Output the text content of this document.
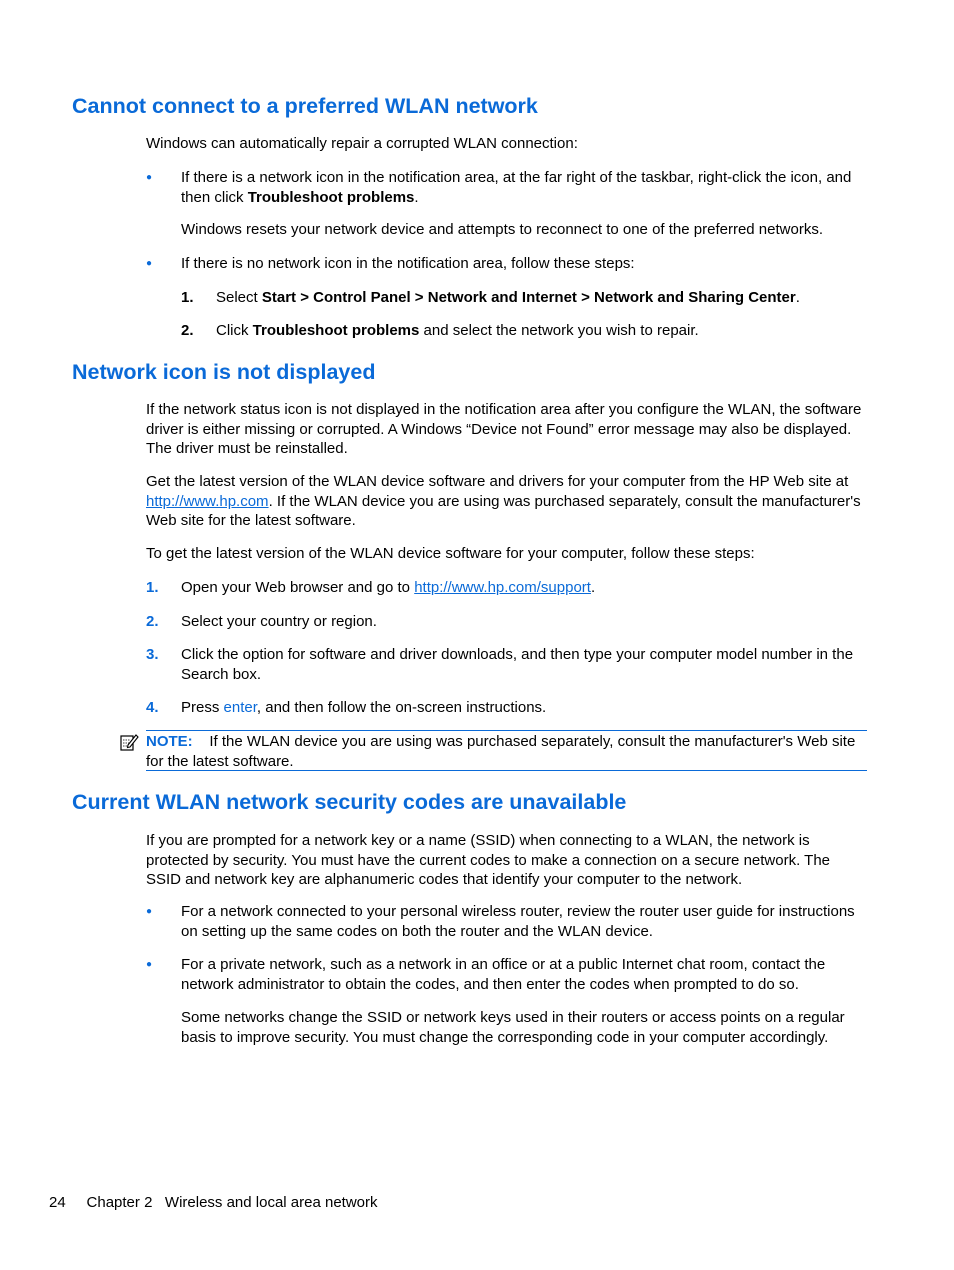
Cannot connect to a preferred WLAN network

Windows can automatically repair a corrupted WLAN connection:

● If there is a network icon in the notification area, at the far right of the taskbar, right-click the icon, and then click Troubleshoot problems.

Windows resets your network device and attempts to reconnect to one of the preferred networks.

● If there is no network icon in the notification area, follow these steps:

1. Select Start > Control Panel > Network and Internet > Network and Sharing Center.

2. Click Troubleshoot problems and select the network you wish to repair.

Network icon is not displayed

If the network status icon is not displayed in the notification area after you configure the WLAN, the software driver is either missing or corrupted. A Windows “Device not Found” error message may also be displayed. The driver must be reinstalled.

Get the latest version of the WLAN device software and drivers for your computer from the HP Web site at http://www.hp.com. If the WLAN device you are using was purchased separately, consult the manufacturer's Web site for the latest software.

To get the latest version of the WLAN device software for your computer, follow these steps:

1. Open your Web browser and go to http://www.hp.com/support.

2. Select your country or region.

3. Click the option for software and driver downloads, and then type your computer model number in the Search box.

4. Press enter, and then follow the on-screen instructions.

NOTE: If the WLAN device you are using was purchased separately, consult the manufacturer's Web site for the latest software.

Current WLAN network security codes are unavailable

If you are prompted for a network key or a name (SSID) when connecting to a WLAN, the network is protected by security. You must have the current codes to make a connection on a secure network. The SSID and network key are alphanumeric codes that identify your computer to the network.

● For a network connected to your personal wireless router, review the router user guide for instructions on setting up the same codes on both the router and the WLAN device.

● For a private network, such as a network in an office or at a public Internet chat room, contact the network administrator to obtain the codes, and then enter the codes when prompted to do so.

Some networks change the SSID or network keys used in their routers or access points on a regular basis to improve security. You must change the corresponding code in your computer accordingly.

24 Chapter 2 Wireless and local area network
